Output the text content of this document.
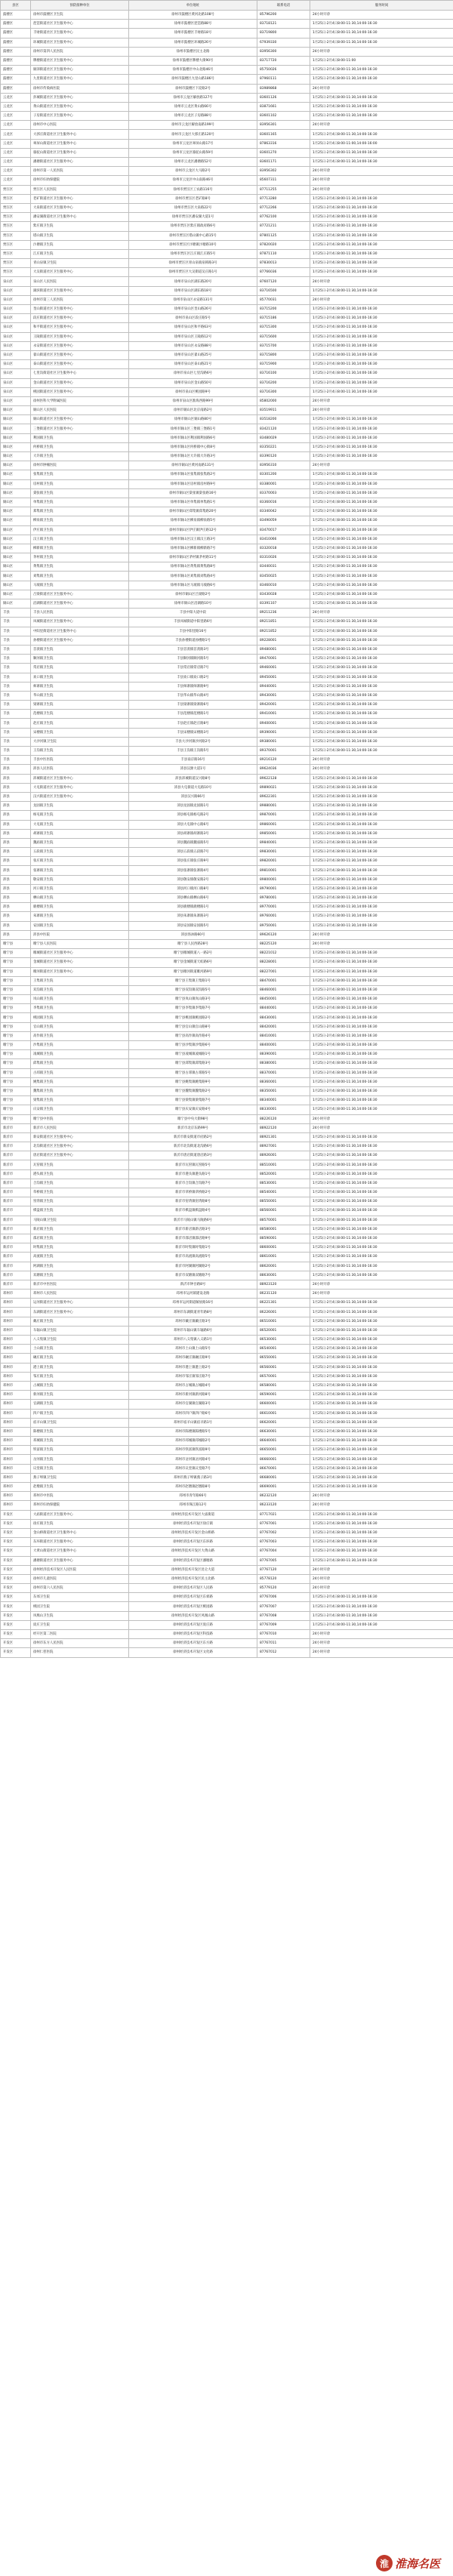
县区	预防接种单位	单位地址	联系电话	服务时间
鼓楼区	徐州市鼓楼区卫生院	徐州市鼓楼区黄河北路108号	85796200	24小时开诊
鼓楼区	琵琶街道社区卫生服务中心	徐州市鼓楼区琵琶路88号	83718121	1月25日-2月4日8:00-11:30,14:00-16:30
鼓楼区	丰财街道社区卫生服务中心	徐州市鼓楼区丰财路18号	83719800	1月25日-2月4日8:00-11:30,14:00-16:30
鼓楼区	环城街道社区卫生服务中心	徐州市鼓楼区环城路26号	67939330	1月25日-2月4日8:00-11:30,14:00-16:30
鼓楼区	徐州市第四人民医院	徐州市鼓楼区民主北路	83956300	24小时开诊
鼓楼区	牌楼街道社区卫生服务中心	徐州市鼓楼区牌楼大街90号	83717720	1月25日-2月4日8:00-11:00
鼓楼区	铜沛街道社区卫生服务中心	徐州市鼓楼区中山北路46号	85750026	1月25日-2月4日8:00-11:30,14:00-16:30
鼓楼区	九里街道社区卫生服务中心	徐州市鼓楼区九里山路186号	87960111	1月25日-2月4日8:00-11:30,14:00-16:30
鼓楼区	徐州市传染病医院	徐州市鼓楼区下淀路2号	83989868	24小时开诊
云龙区	彭城街道社区卫生服务中心	徐州市云龙区解放路127号	83601126	1月25日-2月4日8:00-11:30,14:00-16:30
云龙区	黄山街道社区卫生服务中心	徐州市云龙区黄山路66号	83871661	1月25日-2月4日8:00-11:30,14:00-16:30
云龙区	子房街道社区卫生服务中心	徐州市云龙区子房路88号	83601102	1月25日-2月4日8:00-11:30,14:00-16:30
云龙区	徐州市中心医院	徐州市云龙区解放南路199号	83956301	24小时开诊
云龙区	大郭庄街道社区卫生服务中心	徐州市云龙区大郭庄路120号	83601165	1月25日-2月4日8:00-11:30,14:00-16:30
云龙区	翠屏山街道社区卫生服务中心	徐州市云龙区翠屏山路17号	87863316	1月25日-2月4日8:00-11:00,14:00-16:00
云龙区	骆驼山街道社区卫生服务中心	徐州市云龙区骆驼山路59号	83601270	1月25日-2月4日8:00-11:30,14:00-16:30
云龙区	潘塘街道社区卫生服务中心	徐州市云龙区潘塘路52号	83601171	1月25日-2月4日8:00-11:30,14:00-16:30
云龙区	徐州市第一人民医院	徐州市云龙区大马路2号	83956302	24小时开诊
云龙区	徐州市妇幼保健院	徐州市云龙区中山南路46号	85607311	24小时开诊
贾汪区	贾汪区人民医院	徐州市贾汪区工农路116号	87711255	24小时开诊
贾汪区	老矿街道社区卫生服务中心	徐州市贾汪区老矿路8号	87713280	1月25日-2月4日8:00-11:30,14:00-16:30
贾汪区	大泉街道社区卫生服务中心	徐州市贾汪区大泉路22号	87712266	1月25日-2月4日8:00-11:30,14:00-16:30
贾汪区	潘安湖街道社区卫生服务中心	徐州市贾汪区潘安湖大道1号	87762100	1月25日-2月4日8:00-11:30,14:00-16:30
贾汪区	紫庄镇卫生院	徐州市贾汪区紫庄镇政府路6号	87721211	1月25日-2月4日8:00-11:30,14:00-16:30
贾汪区	塔山镇卫生院	徐州市贾汪区塔山镇中心路15号	87801125	1月25日-2月4日8:00-11:30,14:00-16:30
贾汪区	汴塘镇卫生院	徐州市贾汪区汴塘镇汴塘路10号	87820020	1月25日-2月4日8:00-11:30,14:00-16:30
贾汪区	江庄镇卫生院	徐州市贾汪区江庄镇江庄路5号	87871110	1月25日-2月4日8:00-11:30,14:00-16:30
贾汪区	青山泉镇卫生院	徐州市贾汪区青山泉镇泉韩路3号	87830013	1月25日-2月4日8:00-11:30,14:00-16:30
贾汪区	大吴街道社区卫生服务中心	徐州市贾汪区大吴街道吴庄路1号	87766036	1月25日-2月4日8:00-11:30,14:00-16:30
泉山区	泉山区人民医院	徐州市泉山区湖东路20号	87607120	24小时开诊
泉山区	湖滨街道社区卫生服务中心	徐州市泉山区湖东路18号	83716500	1月25日-2月4日8:00-11:30,14:00-16:30
泉山区	徐州市第三人民医院	徐州市泉山区永安路131号	85770031	24小时开诊
泉山区	奎山街道社区卫生服务中心	徐州市泉山区奎山路26号	83715200	1月25日-2月4日8:00-11:30,14:00-16:30
泉山区	段庄街道社区卫生服务中心	徐州市泉山区段庄路5号	83715186	1月25日-2月4日8:00-11:30,14:00-16:30
泉山区	和平街道社区卫生服务中心	徐州市泉山区和平路63号	83715300	1月25日-2月4日8:00-11:30,14:00-16:30
泉山区	王陵街道社区卫生服务中心	徐州市泉山区王陵路12号	83715600	1月25日-2月4日8:00-11:30,14:00-16:30
泉山区	永安街道社区卫生服务中心	徐州市泉山区永安路88号	83715700	1月25日-2月4日8:00-11:30,14:00-16:30
泉山区	翟山街道社区卫生服务中心	徐州市泉山区翟山路25号	83715800	1月25日-2月4日8:00-11:30,14:00-16:30
泉山区	泰山街道社区卫生服务中心	徐州市泉山区泰山路21号	83715900	1月25日-2月4日8:00-11:30,14:00-16:30
泉山区	七里沟街道社区卫生服务中心	徐州市泉山区七里沟路6号	83716100	1月25日-2月4日8:00-11:30,14:00-16:30
泉山区	金山街道社区卫生服务中心	徐州市泉山区金山路50号	83716200	1月25日-2月4日8:00-11:30,14:00-16:30
泉山区	桃园街道社区卫生服务中心	徐州市泉山区桃园路9号	83716300	1月25日-2月4日8:00-11:30,14:00-16:30
泉山区	徐州医科大学附属医院	徐州市泉山区淮海西路99号	85802000	24小时开诊
铜山区	铜山区人民医院	徐州市铜山区北京南路2号	83519911	24小时开诊
铜山区	铜山街道社区卫生服务中心	徐州市铜山区铜山路80号	83518200	1月25日-2月4日8:00-11:30,14:00-16:30
铜山区	三堡街道社区卫生服务中心	徐州市铜山区三堡镇三堡路1号	83421120	1月25日-2月4日8:00-11:30,14:00-16:30
铜山区	利国镇卫生院	徐州市铜山区利国镇利国路6号	83480029	1月25日-2月4日8:00-11:30,14:00-16:30
铜山区	何桥镇卫生院	徐州市铜山区何桥镇中心街8号	83350221	1月25日-2月4日8:00-11:30,14:00-16:30
铜山区	大许镇卫生院	徐州市铜山区大许镇大许路3号	83390120	1月25日-2月4日8:00-11:30,14:00-16:30
铜山区	徐州市肿瘤医院	徐州市铜山区黄河南路131号	83956310	24小时开诊
铜山区	张集镇卫生院	徐州市铜山区张集镇张集路2号	83301200	1月25日-2月4日8:00-11:30,14:00-16:30
铜山区	房村镇卫生院	徐州市铜山区房村镇房村路9号	83380001	1月25日-2月4日8:00-11:30,14:00-16:30
铜山区	棠张镇卫生院	徐州市铜山区棠张镇棠张路16号	83370003	1月25日-2月4日8:00-11:30,14:00-16:30
铜山区	单集镇卫生院	徐州市铜山区单集镇单集路1号	83360016	1月25日-2月4日8:00-11:30,14:00-16:30
铜山区	郑集镇卫生院	徐州市铜山区郑集镇郑集路20号	83340042	1月25日-2月4日8:00-11:30,14:00-16:30
铜山区	柳泉镇卫生院	徐州市铜山区柳泉镇柳泉路5号	83490059	1月25日-2月4日8:00-11:30,14:00-16:30
铜山区	伊庄镇卫生院	徐州市铜山区伊庄镇伊庄路12号	83470017	1月25日-2月4日8:00-11:30,14:00-16:30
铜山区	汉王镇卫生院	徐州市铜山区汉王镇汉王路3号	83410066	1月25日-2月4日8:00-11:30,14:00-16:30
铜山区	柳新镇卫生院	徐州市铜山区柳新镇柳新路7号	83320018	1月25日-2月4日8:00-11:30,14:00-16:30
铜山区	茅村镇卫生院	徐州市铜山区茅村镇茅村路11号	83310026	1月25日-2月4日8:00-11:30,14:00-16:30
铜山区	黄集镇卫生院	徐州市铜山区黄集镇黄集路8号	83440031	1月25日-2月4日8:00-11:30,14:00-16:30
铜山区	刘集镇卫生院	徐州市铜山区刘集镇刘集路4号	83450025	1月25日-2月4日8:00-11:30,14:00-16:30
铜山区	马坡镇卫生院	徐州市铜山区马坡镇马坡路6号	83460010	1月25日-2月4日8:00-11:30,14:00-16:30
铜山区	吕梁街道社区卫生服务中心	徐州市铜山区吕梁路2号	83430028	1月25日-2月4日8:00-11:30,14:00-16:30
铜山区	沿湖街道社区卫生服务中心	徐州市铜山区沿湖路10号	83391107	1月25日-2月4日8:00-11:30,14:00-16:30
丰县	丰县人民医院	丰县中阳大道中段	89211236	24小时开诊
丰县	凤城街道社区卫生服务中心	丰县凤城街道中阳里路6号	89211851	1月25日-2月4日8:00-11:30,14:00-16:30
丰县	中阳里街道社区卫生服务中心	丰县中阳里路16号	89211852	1月25日-2月4日8:00-11:30,14:00-16:30
丰县	孙楼街道社区卫生服务中心	丰县孙楼街道孙楼路1号	89228001	1月25日-2月4日8:00-11:30,14:00-16:30
丰县	首羡镇卫生院	丰县首羡镇首羡路3号	89480001	1月25日-2月4日8:00-11:30,14:00-16:30
丰县	顺河镇卫生院	丰县顺河镇顺河路5号	89470001	1月25日-2月4日8:00-11:30,14:00-16:30
丰县	常店镇卫生院	丰县常店镇常店路7号	89460001	1月25日-2月4日8:00-11:30,14:00-16:30
丰县	欢口镇卫生院	丰县欢口镇欢口路2号	89450001	1月25日-2月4日8:00-11:30,14:00-16:30
丰县	师寨镇卫生院	丰县师寨镇师寨路9号	89440001	1月25日-2月4日8:00-11:30,14:00-16:30
丰县	华山镇卫生院	丰县华山镇华山路4号	89430001	1月25日-2月4日8:00-11:30,14:00-16:30
丰县	梁寨镇卫生院	丰县梁寨镇梁寨路6号	89420001	1月25日-2月4日8:00-11:30,14:00-16:30
丰县	范楼镇卫生院	丰县范楼镇范楼路1号	89410001	1月25日-2月4日8:00-11:30,14:00-16:30
丰县	赵庄镇卫生院	丰县赵庄镇赵庄路8号	89400001	1月25日-2月4日8:00-11:30,14:00-16:30
丰县	宋楼镇卫生院	丰县宋楼镇宋楼路3号	89390001	1月25日-2月4日8:00-11:30,14:00-16:30
丰县	大沙河镇卫生院	丰县大沙河镇沙河路2号	89380001	1月25日-2月4日8:00-11:30,14:00-16:30
丰县	王沟镇卫生院	丰县王沟镇王沟路5号	89370001	1月25日-2月4日8:00-11:30,14:00-16:30
丰县	丰县中医医院	丰县南京路16号	89216120	24小时开诊
沛县	沛县人民医院	沛县汉源大道1号	89624036	24小时开诊
沛县	沛城街道社区卫生服务中心	沛县沛城街道汉兴路8号	89622128	1月25日-2月4日8:00-11:30,14:00-16:30
沛县	大屯街道社区卫生服务中心	沛县大屯街道大屯路10号	89890021	1月25日-2月4日8:00-11:30,14:00-16:30
沛县	汉兴街道社区卫生服务中心	沛县汉兴路66号	89622301	1月25日-2月4日8:00-11:30,14:00-16:30
沛县	龙固镇卫生院	沛县龙固镇龙固路1号	89880001	1月25日-2月4日8:00-11:30,14:00-16:30
沛县	杨屯镇卫生院	沛县杨屯镇杨屯路2号	89870001	1月25日-2月4日8:00-11:30,14:00-16:30
沛县	大屯镇卫生院	沛县大屯镇中心路6号	89860001	1月25日-2月4日8:00-11:30,14:00-16:30
沛县	胡寨镇卫生院	沛县胡寨镇胡寨路3号	89850001	1月25日-2月4日8:00-11:30,14:00-16:30
沛县	魏庙镇卫生院	沛县魏庙镇魏庙路5号	89840001	1月25日-2月4日8:00-11:30,14:00-16:30
沛县	五段镇卫生院	沛县五段镇五段路7号	89830001	1月25日-2月4日8:00-11:30,14:00-16:30
沛县	张庄镇卫生院	沛县张庄镇张庄路9号	89820001	1月25日-2月4日8:00-11:30,14:00-16:30
沛县	张寨镇卫生院	沛县张寨镇张寨路4号	89810001	1月25日-2月4日8:00-11:30,14:00-16:30
沛县	敬安镇卫生院	沛县敬安镇敬安路2号	89800001	1月25日-2月4日8:00-11:30,14:00-16:30
沛县	河口镇卫生院	沛县河口镇河口路8号	89790001	1月25日-2月4日8:00-11:30,14:00-16:30
沛县	栖山镇卫生院	沛县栖山镇栖山路6号	89780001	1月25日-2月4日8:00-11:30,14:00-16:30
沛县	鹿楼镇卫生院	沛县鹿楼镇鹿楼路1号	89770001	1月25日-2月4日8:00-11:30,14:00-16:30
沛县	朱寨镇卫生院	沛县朱寨镇朱寨路3号	89760001	1月25日-2月4日8:00-11:30,14:00-16:30
沛县	安国镇卫生院	沛县安国镇安国路5号	89750001	1月25日-2月4日8:00-11:30,14:00-16:30
沛县	沛县中医院	沛县汤沐路60号	89626120	24小时开诊
睢宁县	睢宁县人民医院	睢宁县人民西路28号	88225120	24小时开诊
睢宁县	睢城街道社区卫生服务中心	睢宁县睢城街道八一路2号	88221012	1月25日-2月4日8:00-11:30,14:00-16:30
睢宁县	金城街道社区卫生服务中心	睢宁县金城街道天虹路6号	88228001	1月25日-2月4日8:00-11:30,14:00-16:30
睢宁县	睢河街道社区卫生服务中心	睢宁县睢河街道睢河路9号	88227001	1月25日-2月4日8:00-11:30,14:00-16:30
睢宁县	王集镇卫生院	睢宁县王集镇王集路1号	88470001	1月25日-2月4日8:00-11:30,14:00-16:30
睢宁县	双沟镇卫生院	睢宁县双沟镇双沟路5号	88460001	1月25日-2月4日8:00-11:30,14:00-16:30
睢宁县	岚山镇卫生院	睢宁县岚山镇岚山路3号	88450001	1月25日-2月4日8:00-11:30,14:00-16:30
睢宁县	李集镇卫生院	睢宁县李集镇李集路7号	88440001	1月25日-2月4日8:00-11:30,14:00-16:30
睢宁县	桃园镇卫生院	睢宁县桃园镇桃园路2号	88430001	1月25日-2月4日8:00-11:30,14:00-16:30
睢宁县	官山镇卫生院	睢宁县官山镇官山路8号	88420001	1月25日-2月4日8:00-11:30,14:00-16:30
睢宁县	高作镇卫生院	睢宁县高作镇高作路4号	88410001	1月25日-2月4日8:00-11:30,14:00-16:30
睢宁县	沙集镇卫生院	睢宁县沙集镇沙集路6号	88400001	1月25日-2月4日8:00-11:30,14:00-16:30
睢宁县	凌城镇卫生院	睢宁县凌城镇凌城路1号	88390001	1月25日-2月4日8:00-11:30,14:00-16:30
睢宁县	邱集镇卫生院	睢宁县邱集镇邱集路3号	88380001	1月25日-2月4日8:00-11:30,14:00-16:30
睢宁县	古邳镇卫生院	睢宁县古邳镇古邳路5号	88370001	1月25日-2月4日8:00-11:30,14:00-16:30
睢宁县	姚集镇卫生院	睢宁县姚集镇姚集路9号	88360001	1月25日-2月4日8:00-11:30,14:00-16:30
睢宁县	魏集镇卫生院	睢宁县魏集镇魏集路2号	88350001	1月25日-2月4日8:00-11:30,14:00-16:30
睢宁县	梁集镇卫生院	睢宁县梁集镇梁集路7号	88340001	1月25日-2月4日8:00-11:30,14:00-16:30
睢宁县	庆安镇卫生院	睢宁县庆安镇庆安路4号	88330001	1月25日-2月4日8:00-11:30,14:00-16:30
睢宁县	睢宁县中医院	睢宁县中央大街98号	88226120	24小时开诊
新沂市	新沂市人民医院	新沂市北京东路99号	88922120	24小时开诊
新沂市	新安街道社区卫生服务中心	新沂市新安街道市府路2号	88921301	1月25日-2月4日8:00-11:30,14:00-16:30
新沂市	北沟街道社区卫生服务中心	新沂市北沟街道北沟路6号	88927001	1月25日-2月4日8:00-11:30,14:00-16:30
新沂市	唐店街道社区卫生服务中心	新沂市唐店街道唐店路3号	88926001	1月25日-2月4日8:00-11:30,14:00-16:30
新沂市	瓦窑镇卫生院	新沂市瓦窑镇瓦窑路5号	88510001	1月25日-2月4日8:00-11:30,14:00-16:30
新沂市	港头镇卫生院	新沂市港头镇港头路1号	88520001	1月25日-2月4日8:00-11:30,14:00-16:30
新沂市	合沟镇卫生院	新沂市合沟镇合沟路7号	88530001	1月25日-2月4日8:00-11:30,14:00-16:30
新沂市	草桥镇卫生院	新沂市草桥镇草桥路2号	88540001	1月25日-2月4日8:00-11:30,14:00-16:30
新沂市	窑湾镇卫生院	新沂市窑湾镇窑湾路8号	88550001	1月25日-2月4日8:00-11:30,14:00-16:30
新沂市	棋盘镇卫生院	新沂市棋盘镇棋盘路4号	88560001	1月25日-2月4日8:00-11:30,14:00-16:30
新沂市	马陵山镇卫生院	新沂市马陵山镇马陵路6号	88570001	1月25日-2月4日8:00-11:30,14:00-16:30
新沂市	新店镇卫生院	新沂市新店镇新店路3号	88580001	1月25日-2月4日8:00-11:30,14:00-16:30
新沂市	邵店镇卫生院	新沂市邵店镇邵店路9号	88590001	1月25日-2月4日8:00-11:30,14:00-16:30
新沂市	时集镇卫生院	新沂市时集镇时集路1号	88600001	1月25日-2月4日8:00-11:30,14:00-16:30
新沂市	高流镇卫生院	新沂市高流镇高流路5号	88610001	1月25日-2月4日8:00-11:30,14:00-16:30
新沂市	阿湖镇卫生院	新沂市阿湖镇阿湖路2号	88620001	1月25日-2月4日8:00-11:30,14:00-16:30
新沂市	双塘镇卫生院	新沂市双塘镇双塘路7号	88630001	1月25日-2月4日8:00-11:30,14:00-16:30
新沂市	新沂市中医医院	新沂市钟吾路8号	88923120	24小时开诊
邳州市	邳州市人民医院	邳州市运河镇建设北路	86231120	24小时开诊
邳州市	运河街道社区卫生服务中心	邳州市运河街道解放路16号	86221301	1月25日-2月4日8:00-11:30,14:00-16:30
邳州市	东湖街道社区卫生服务中心	邳州市东湖街道青年路8号	86226001	1月25日-2月4日8:00-11:30,14:00-16:30
邳州市	戴庄镇卫生院	邳州市戴庄镇戴庄路3号	86510001	1月25日-2月4日8:00-11:30,14:00-16:30
邳州市	车辐山镇卫生院	邳州市车辐山镇车辐路6号	86520001	1月25日-2月4日8:00-11:30,14:00-16:30
邳州市	八义集镇卫生院	邳州市八义集镇八义路1号	86530001	1月25日-2月4日8:00-11:30,14:00-16:30
邳州市	土山镇卫生院	邳州市土山镇土山路5号	86540001	1月25日-2月4日8:00-11:30,14:00-16:30
邳州市	碾庄镇卫生院	邳州市碾庄镇碾庄路9号	86550001	1月25日-2月4日8:00-11:30,14:00-16:30
邳州市	港上镇卫生院	邳州市港上镇港上路2号	86560001	1月25日-2月4日8:00-11:30,14:00-16:30
邳州市	邹庄镇卫生院	邳州市邹庄镇邹庄路7号	86570001	1月25日-2月4日8:00-11:30,14:00-16:30
邳州市	占城镇卫生院	邳州市占城镇占城路4号	86580001	1月25日-2月4日8:00-11:30,14:00-16:30
邳州市	新河镇卫生院	邳州市新河镇新河路8号	86590001	1月25日-2月4日8:00-11:30,14:00-16:30
邳州市	官湖镇卫生院	邳州市官湖镇官湖路3号	86600001	1月25日-2月4日8:00-11:30,14:00-16:30
邳州市	四户镇卫生院	邳州市四户镇四户路6号	86610001	1月25日-2月4日8:00-11:30,14:00-16:30
邳州市	宿羊山镇卫生院	邳州市宿羊山镇宿羊路1号	86620001	1月25日-2月4日8:00-11:30,14:00-16:30
邳州市	陈楼镇卫生院	邳州市陈楼镇陈楼路5号	86630001	1月25日-2月4日8:00-11:30,14:00-16:30
邳州市	邳城镇卫生院	邳州市邳城镇邳城路2号	86640001	1月25日-2月4日8:00-11:30,14:00-16:30
邳州市	铁富镇卫生院	邳州市铁富镇铁富路9号	86650001	1月25日-2月4日8:00-11:30,14:00-16:30
邳州市	岔河镇卫生院	邳州市岔河镇岔河路4号	86660001	1月25日-2月4日8:00-11:30,14:00-16:30
邳州市	议堂镇卫生院	邳州市议堂镇议堂路7号	86670001	1月25日-2月4日8:00-11:30,14:00-16:30
邳州市	燕子埠镇卫生院	邳州市燕子埠镇燕子路3号	86680001	1月25日-2月4日8:00-11:30,14:00-16:30
邳州市	赵墩镇卫生院	邳州市赵墩镇赵墩路8号	86690001	1月25日-2月4日8:00-11:30,14:00-16:30
邳州市	邳州市中医院	邳州市青年路66号	86232120	24小时开诊
邳州市	邳州市妇幼保健院	邳州市珠江路12号	86233120	24小时开诊
开发区	大庙街道社区卫生服务中心	徐州经济技术开发区大庙街道	87717021	1月25日-2月4日8:00-11:30,14:00-16:30
开发区	徐庄镇卫生院	徐州经济技术开发区徐庄镇	87767001	1月25日-2月4日8:00-11:30,14:00-16:30
开发区	金山桥街道社区卫生服务中心	徐州经济技术开发区金山桥路	87767002	1月25日-2月4日8:00-11:30,14:00-16:30
开发区	东环街道社区卫生服务中心	徐州经济技术开发区东环路	87767003	1月25日-2月4日8:00-11:30,14:00-16:30
开发区	大黄山街道社区卫生服务中心	徐州经济技术开发区大黄山路	87767004	1月25日-2月4日8:00-11:30,14:00-16:30
开发区	潘塘街道社区卫生服务中心	徐州经济技术开发区潘塘路	87767005	1月25日-2月4日8:00-11:30,14:00-16:30
开发区	徐州经济技术开发区人民医院	徐州经济技术开发区昆仑大道	87767120	24小时开诊
开发区	徐州市儿童医院	徐州经济技术开发区民主北路	85778120	24小时开诊
开发区	徐州市第六人民医院	徐州经济技术开发区人民路	85779120	24小时开诊
开发区	东郊卫生院	徐州经济技术开发区东郊路	87767006	1月25日-2月4日8:00-11:30,14:00-16:30
开发区	桃园卫生院	徐州经济技术开发区桃园路	87767007	1月25日-2月4日8:00-11:30,14:00-16:30
开发区	凤凰山卫生院	徐州经济技术开发区凤凰山路	87767008	1月25日-2月4日8:00-11:30,14:00-16:30
开发区	庞庄卫生院	徐州经济技术开发区庞庄路	87767009	1月25日-2月4日8:00-11:30,14:00-16:30
开发区	经开区第二医院	徐州经济技术开发区科技路	87767010	24小时开诊
开发区	徐州市东方人民医院	徐州经济技术开发区东方路	87767011	24小时开诊
开发区	徐州仁慈医院	徐州经济技术开发区文化路	87767012	24小时开诊
淮 淮海名医
